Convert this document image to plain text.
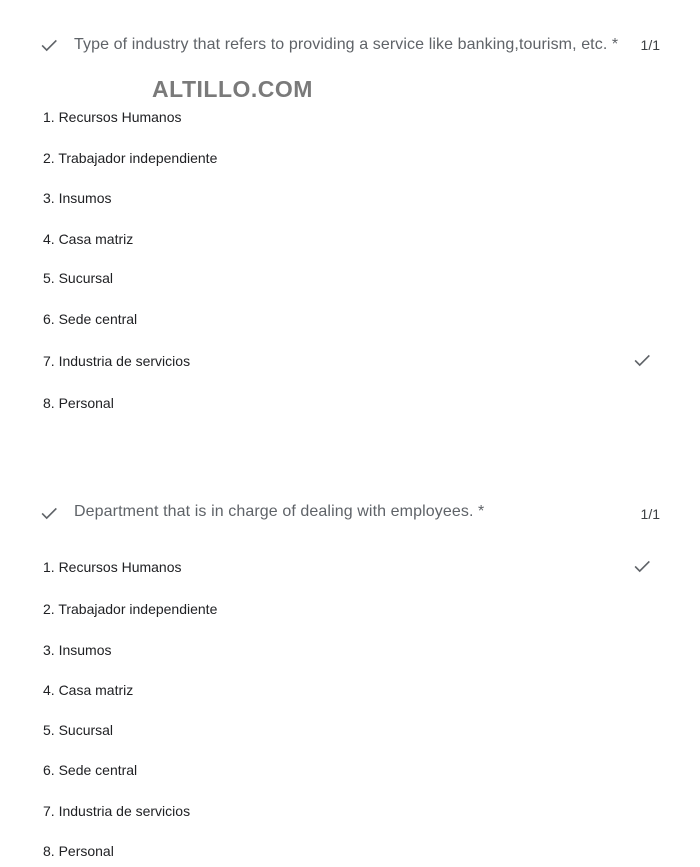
Type of industry that refers to providing a service like banking,tourism, etc. *	1/1
ALTILLO.COM
1. Recursos Humanos
2. Trabajador independiente
3. Insumos
4. Casa matriz
5. Sucursal
6. Sede central
7. Industria de servicios
8. Personal
Department that is in charge of dealing with employees. *	1/1
1. Recursos Humanos
2. Trabajador independiente
3. Insumos
4. Casa matriz
5. Sucursal
6. Sede central
7. Industria de servicios
8. Personal
